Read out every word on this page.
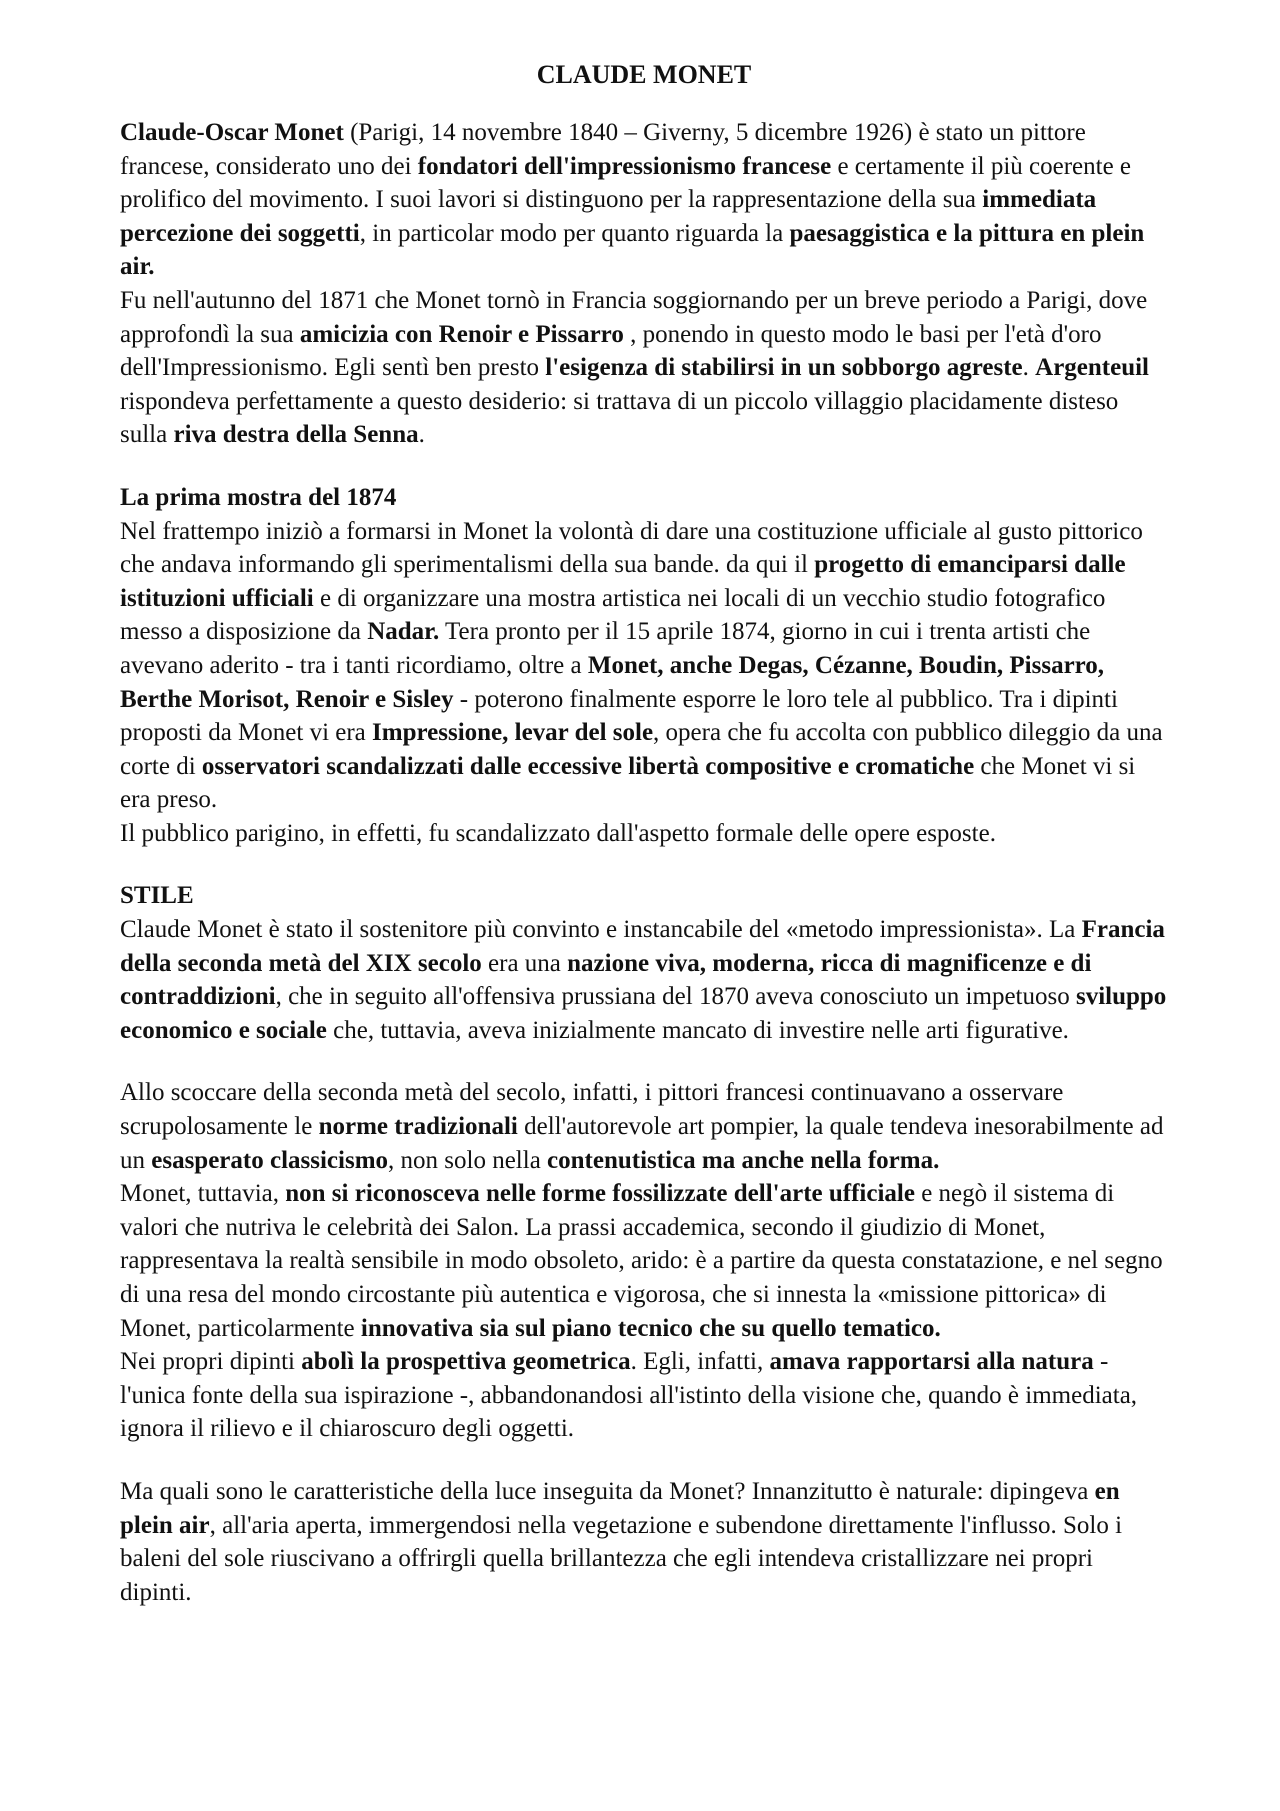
CLAUDE MONET

Claude-Oscar Monet (Parigi, 14 novembre 1840 – Giverny, 5 dicembre 1926) è stato un pittore francese, considerato uno dei fondatori dell'impressionismo francese e certamente il più coerente e prolifico del movimento. I suoi lavori si distinguono per la rappresentazione della sua immediata percezione dei soggetti, in particolar modo per quanto riguarda la paesaggistica e la pittura en plein air.

Fu nell'autunno del 1871 che Monet tornò in Francia soggiornando per un breve periodo a Parigi, dove approfondì la sua amicizia con Renoir e Pissarro , ponendo in questo modo le basi per l'età d'oro dell'Impressionismo. Egli sentì ben presto l'esigenza di stabilirsi in un sobborgo agreste. Argenteuil rispondeva perfettamente a questo desiderio: si trattava di un piccolo villaggio placidamente disteso sulla riva destra della Senna.

La prima mostra del 1874

Nel frattempo iniziò a formarsi in Monet la volontà di dare una costituzione ufficiale al gusto pittorico che andava informando gli sperimentalismi della sua bande. da qui il progetto di emanciparsi dalle istituzioni ufficiali e di organizzare una mostra artistica nei locali di un vecchio studio fotografico messo a disposizione da Nadar. Tera pronto per il 15 aprile 1874, giorno in cui i trenta artisti che avevano aderito - tra i tanti ricordiamo, oltre a Monet, anche Degas, Cézanne, Boudin, Pissarro, Berthe Morisot, Renoir e Sisley - poterono finalmente esporre le loro tele al pubblico. Tra i dipinti proposti da Monet vi era Impressione, levar del sole, opera che fu accolta con pubblico dileggio da una corte di osservatori scandalizzati dalle eccessive libertà compositive e cromatiche che Monet vi si era preso.

Il pubblico parigino, in effetti, fu scandalizzato dall'aspetto formale delle opere esposte.

STILE

Claude Monet è stato il sostenitore più convinto e instancabile del «metodo impressionista». La Francia della seconda metà del XIX secolo era una nazione viva, moderna, ricca di magnificenze e di contraddizioni, che in seguito all'offensiva prussiana del 1870 aveva conosciuto un impetuoso sviluppo economico e sociale che, tuttavia, aveva inizialmente mancato di investire nelle arti figurative.

Allo scoccare della seconda metà del secolo, infatti, i pittori francesi continuavano a osservare scrupolosamente le norme tradizionali dell'autorevole art pompier, la quale tendeva inesorabilmente ad un esasperato classicismo, non solo nella contenutistica ma anche nella forma.

Monet, tuttavia, non si riconosceva nelle forme fossilizzate dell'arte ufficiale e negò il sistema di valori che nutriva le celebrità dei Salon. La prassi accademica, secondo il giudizio di Monet, rappresentava la realtà sensibile in modo obsoleto, arido: è a partire da questa constatazione, e nel segno di una resa del mondo circostante più autentica e vigorosa, che si innesta la «missione pittorica» di Monet, particolarmente innovativa sia sul piano tecnico che su quello tematico.

Nei propri dipinti abolì la prospettiva geometrica. Egli, infatti, amava rapportarsi alla natura - l'unica fonte della sua ispirazione -, abbandonandosi all'istinto della visione che, quando è immediata, ignora il rilievo e il chiaroscuro degli oggetti.

Ma quali sono le caratteristiche della luce inseguita da Monet? Innanzitutto è naturale: dipingeva en plein air, all'aria aperta, immergendosi nella vegetazione e subendone direttamente l'influsso. Solo i baleni del sole riuscivano a offrirgli quella brillantezza che egli intendeva cristallizzare nei propri dipinti.
